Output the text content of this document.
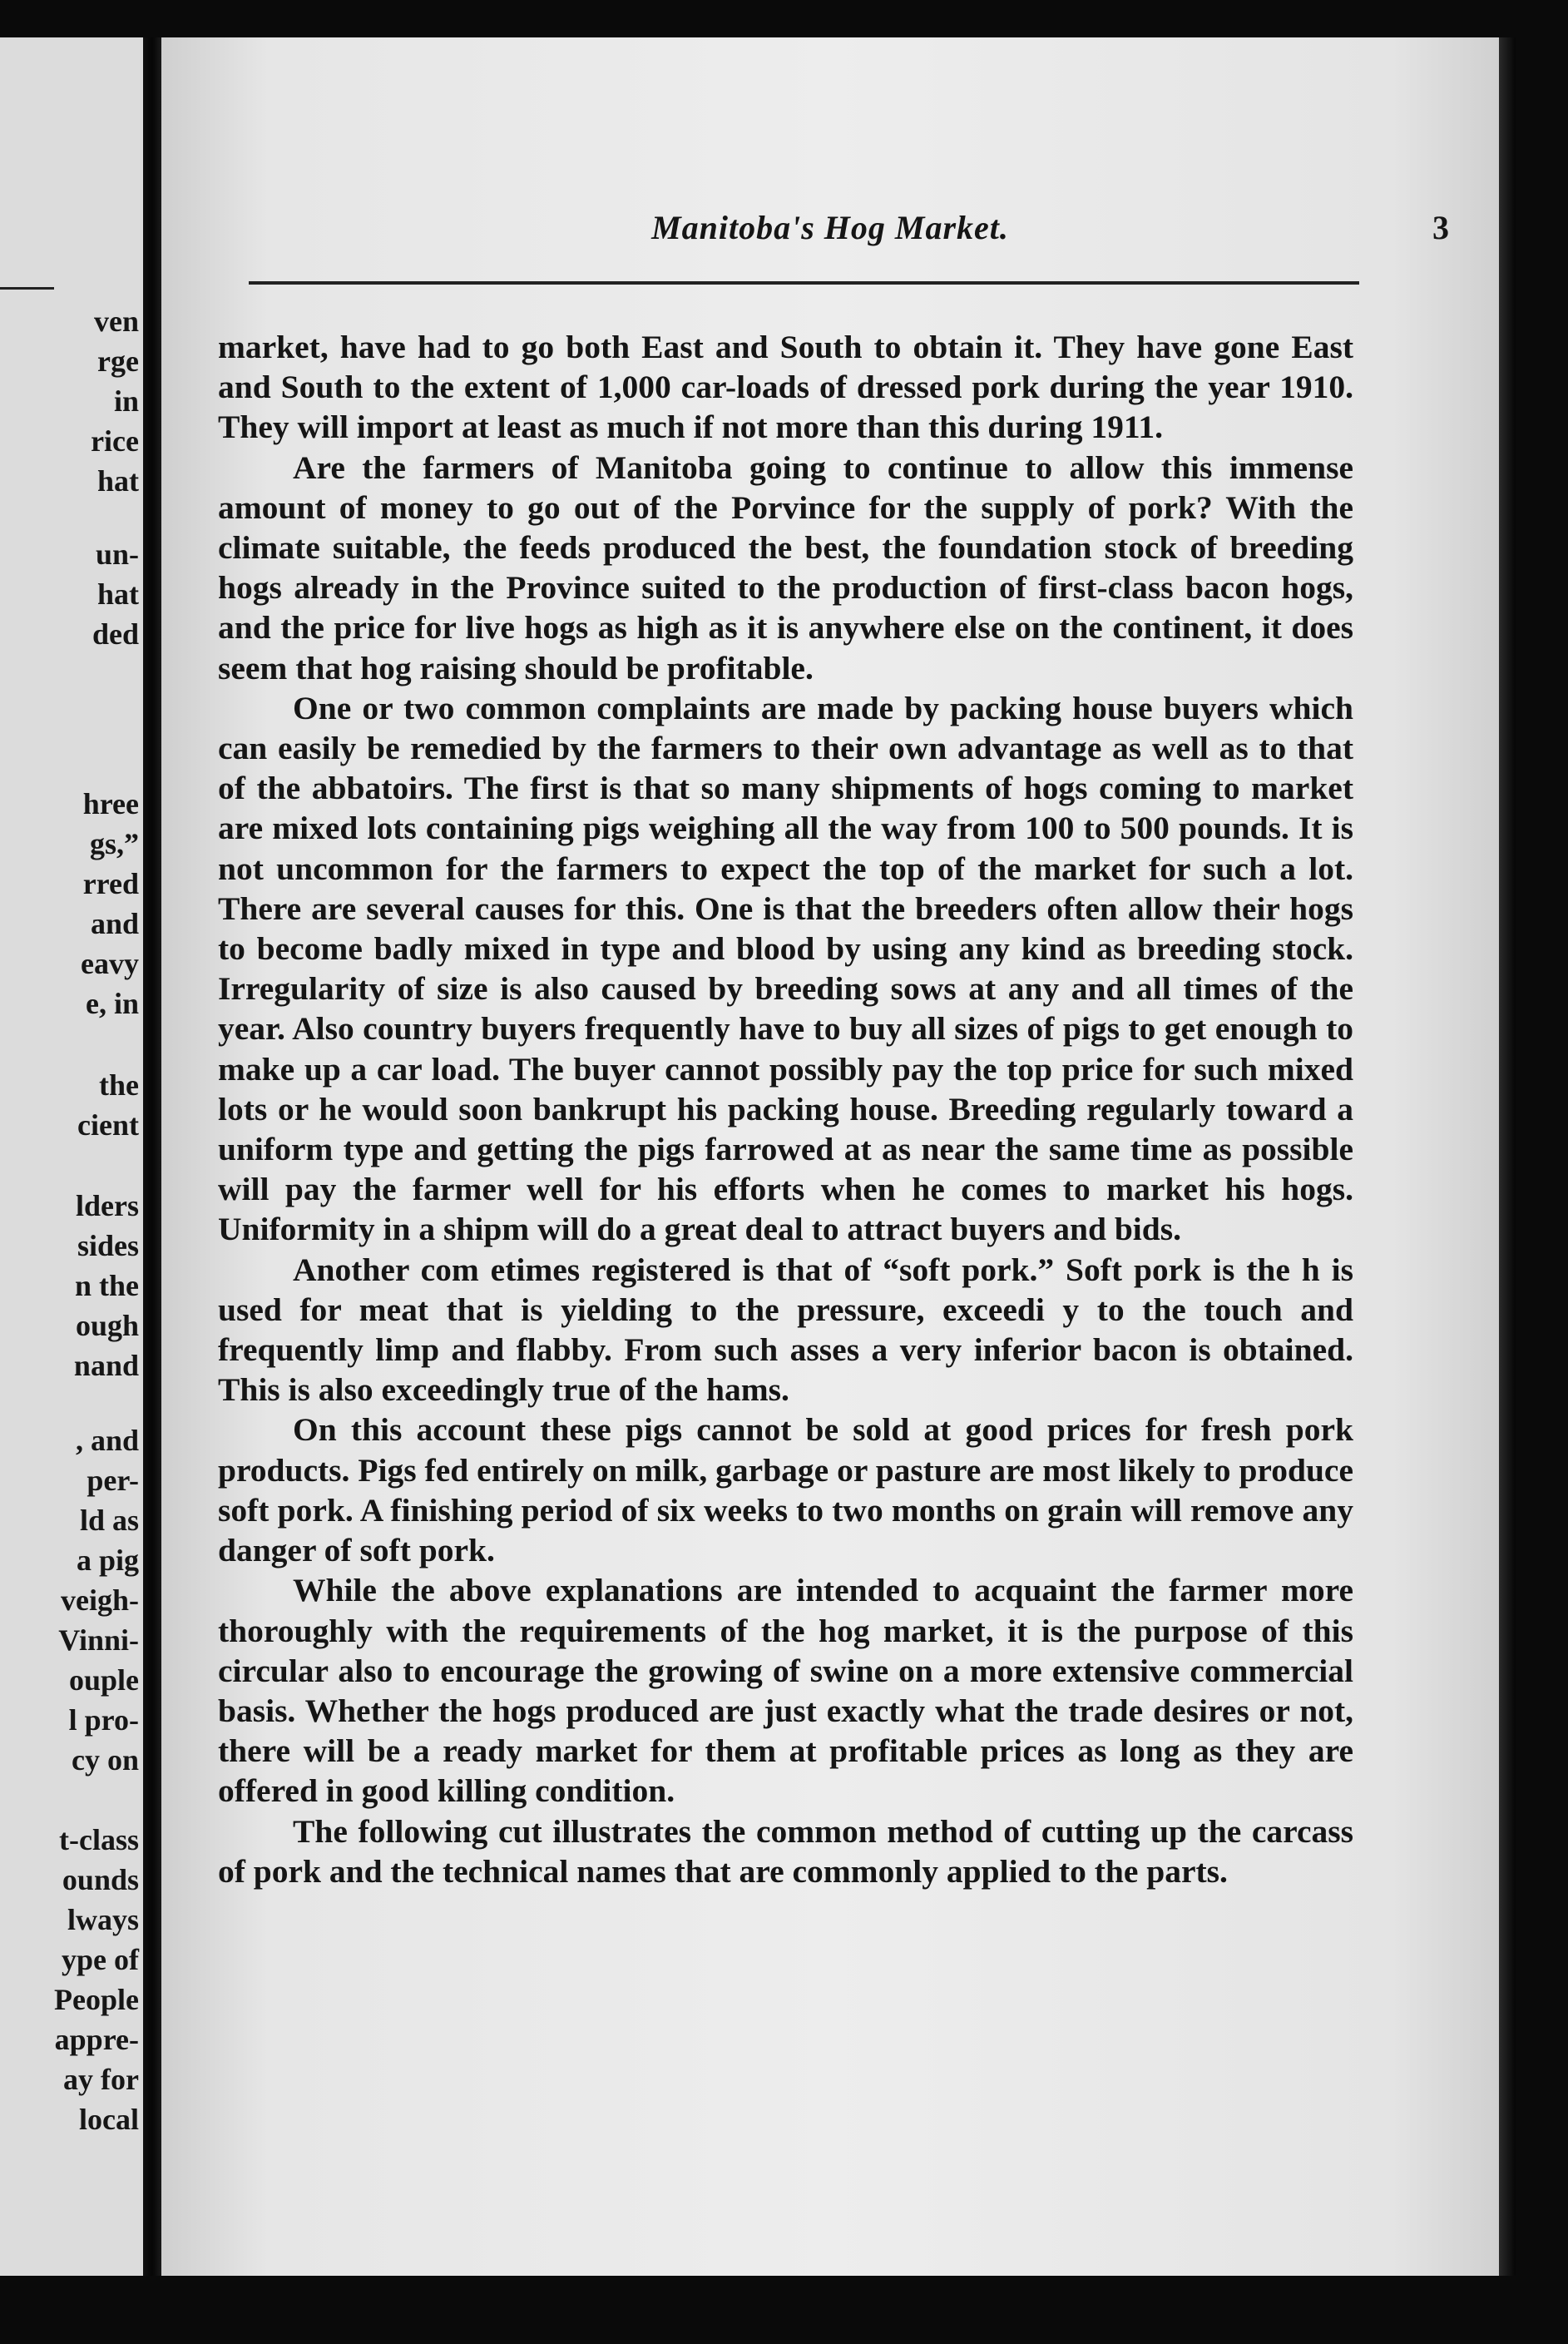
ven

rge

in

rice

hat

un-

hat

ded

hree

gs,”

rred

and

eavy

e, in

the

cient

lders

sides

n the

ough

nand

, and

per-

ld as

a pig

veigh-

Vinni-

ouple

l pro-

cy on

t-class

ounds

lways

ype of

People

appre-

ay for

local

Manitoba's Hog Market.	3

market, have had to go both East and South to obtain it. They have gone East and South to the extent of 1,000 car-loads of dressed pork during the year 1910. They will import at least as much if not more than this during 1911.

Are the farmers of Manitoba going to continue to allow this immense amount of money to go out of the Porvince for the supply of pork? With the climate suitable, the feeds produced the best, the foundation stock of breeding hogs already in the Province suited to the production of first-class bacon hogs, and the price for live hogs as high as it is anywhere else on the continent, it does seem that hog raising should be profitable.

One or two common complaints are made by packing house buyers which can easily be remedied by the farmers to their own advantage as well as to that of the abbatoirs. The first is that so many shipments of hogs coming to market are mixed lots containing pigs weighing all the way from 100 to 500 pounds. It is not uncommon for the farmers to expect the top of the market for such a lot. There are several causes for this. One is that the breeders often allow their hogs to become badly mixed in type and blood by using any kind as breeding stock. Irregularity of size is also caused by breeding sows at any and all times of the year. Also country buyers frequently have to buy all sizes of pigs to get enough to make up a car load. The buyer cannot possibly pay the top price for such mixed lots or he would soon bankrupt his packing house. Breeding regularly toward a uniform type and getting the pigs farrowed at as near the same time as possible will pay the farmer well for his efforts when he comes to market his hogs. Uniformity in a shipm will do a great deal to attract buyers and bids.

Another com etimes registered is that of “soft pork.” Soft pork is the h is used for meat that is yielding to the pressure, exceedi y to the touch and frequently limp and flabby. From such asses a very inferior bacon is obtained. This is also exceedingly true of the hams.

On this account these pigs cannot be sold at good prices for fresh pork products. Pigs fed entirely on milk, garbage or pasture are most likely to produce soft pork. A finishing period of six weeks to two months on grain will remove any danger of soft pork.

While the above explanations are intended to acquaint the farmer more thoroughly with the requirements of the hog market, it is the purpose of this circular also to encourage the growing of swine on a more extensive commercial basis. Whether the hogs produced are just exactly what the trade desires or not, there will be a ready market for them at profitable prices as long as they are offered in good killing condition.

The following cut illustrates the common method of cutting up the carcass of pork and the technical names that are commonly applied to the parts.
